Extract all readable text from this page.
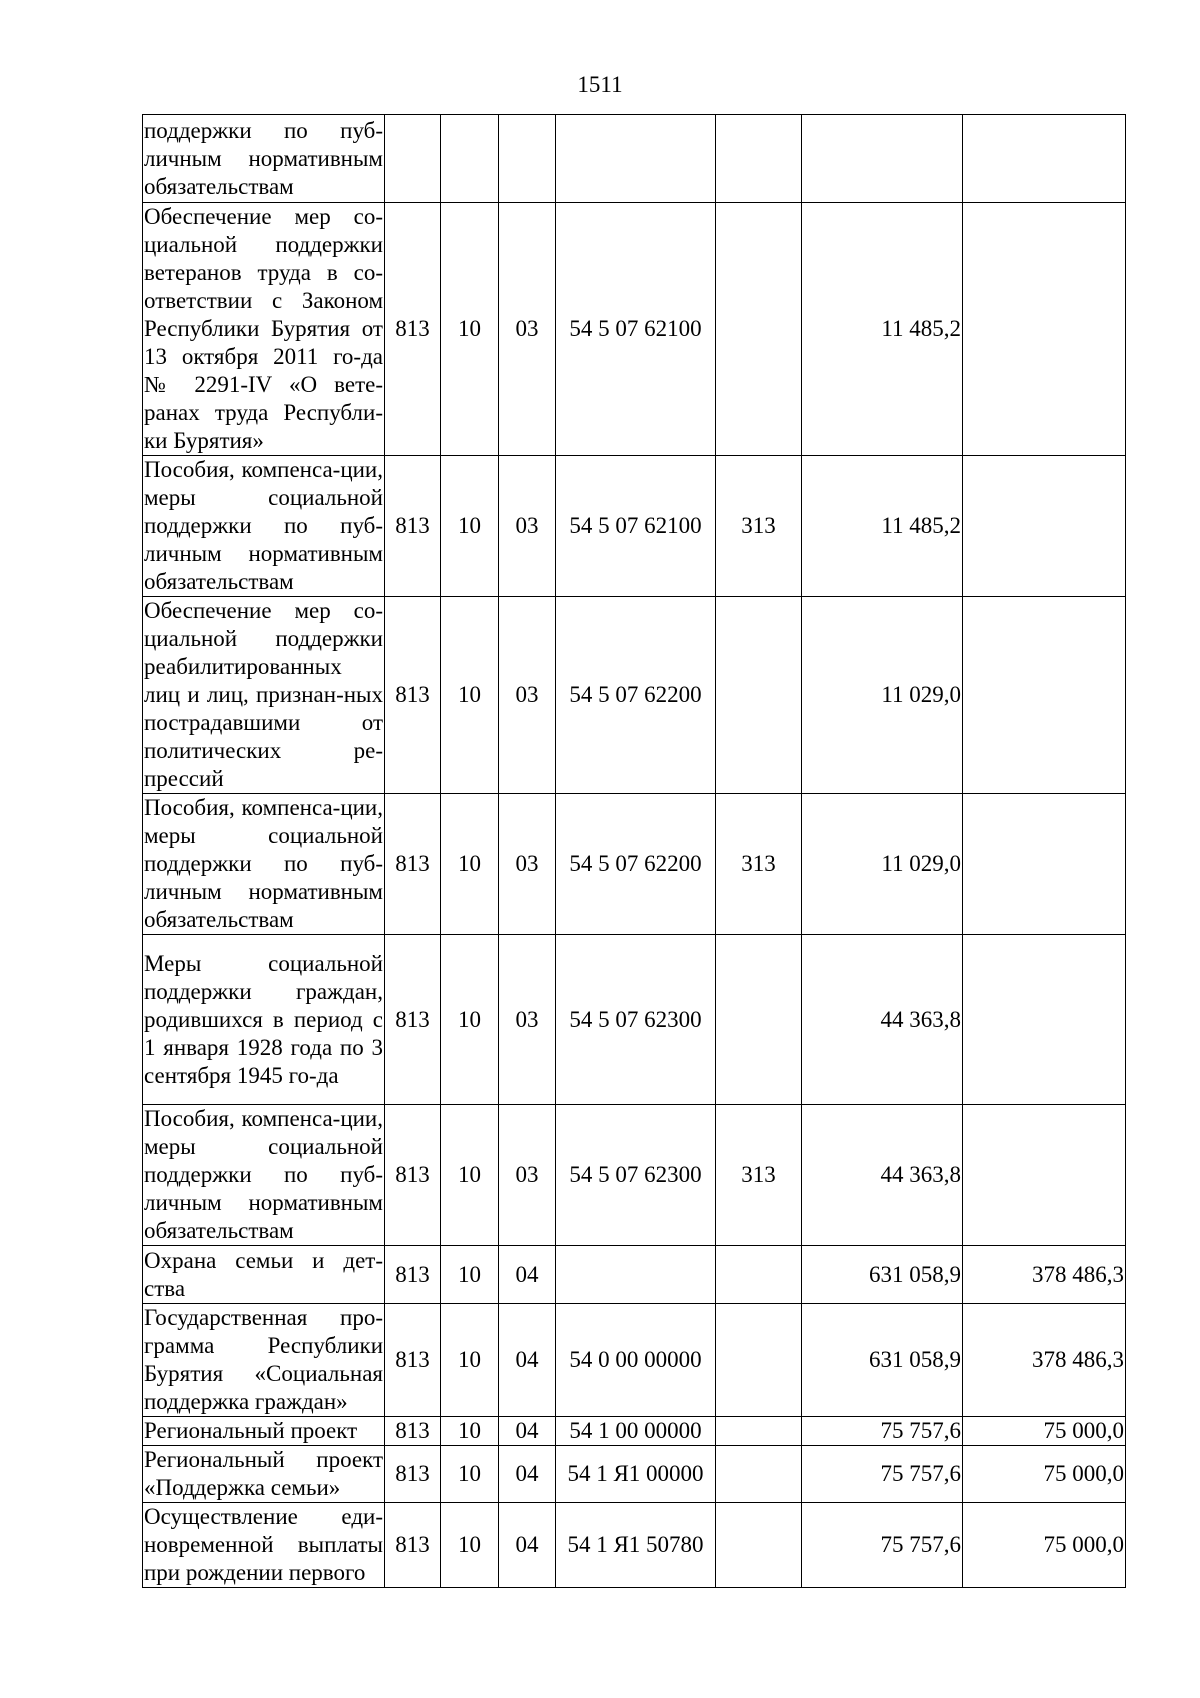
1511
поддержки по пуб-личным нормативным обязательствам							
Обеспечение мер со-циальной поддержки ветеранов труда в со-ответствии с Законом Республики Бурятия от 13 октября 2011 го-да № 2291-IV «О вете-ранах труда Республи-ки Бурятия»	813	10	03	54 5 07 62100		11 485,2	
Пособия, компенса-ции, меры социальной поддержки по пуб-личным нормативным обязательствам	813	10	03	54 5 07 62100	313	11 485,2	
Обеспечение мер со-циальной поддержки реабилитированных лиц и лиц, признан-ных пострадавшими от политических ре-прессий	813	10	03	54 5 07 62200		11 029,0	
Пособия, компенса-ции, меры социальной поддержки по пуб-личным нормативным обязательствам	813	10	03	54 5 07 62200	313	11 029,0	
Меры социальной поддержки граждан, родившихся в период с 1 января 1928 года по 3 сентября 1945 го-да	813	10	03	54 5 07 62300		44 363,8	
Пособия, компенса-ции, меры социальной поддержки по пуб-личным нормативным обязательствам	813	10	03	54 5 07 62300	313	44 363,8	
Охрана семьи и дет-ства	813	10	04			631 058,9	378 486,3
Государственная про-грамма Республики Бурятия «Социальная поддержка граждан»	813	10	04	54 0 00 00000		631 058,9	378 486,3
Региональный проект	813	10	04	54 1 00 00000		75 757,6	75 000,0
Региональный проект «Поддержка семьи»	813	10	04	54 1 Я1 00000		75 757,6	75 000,0
Осуществление еди-новременной выплаты при рождении первого	813	10	04	54 1 Я1 50780		75 757,6	75 000,0
